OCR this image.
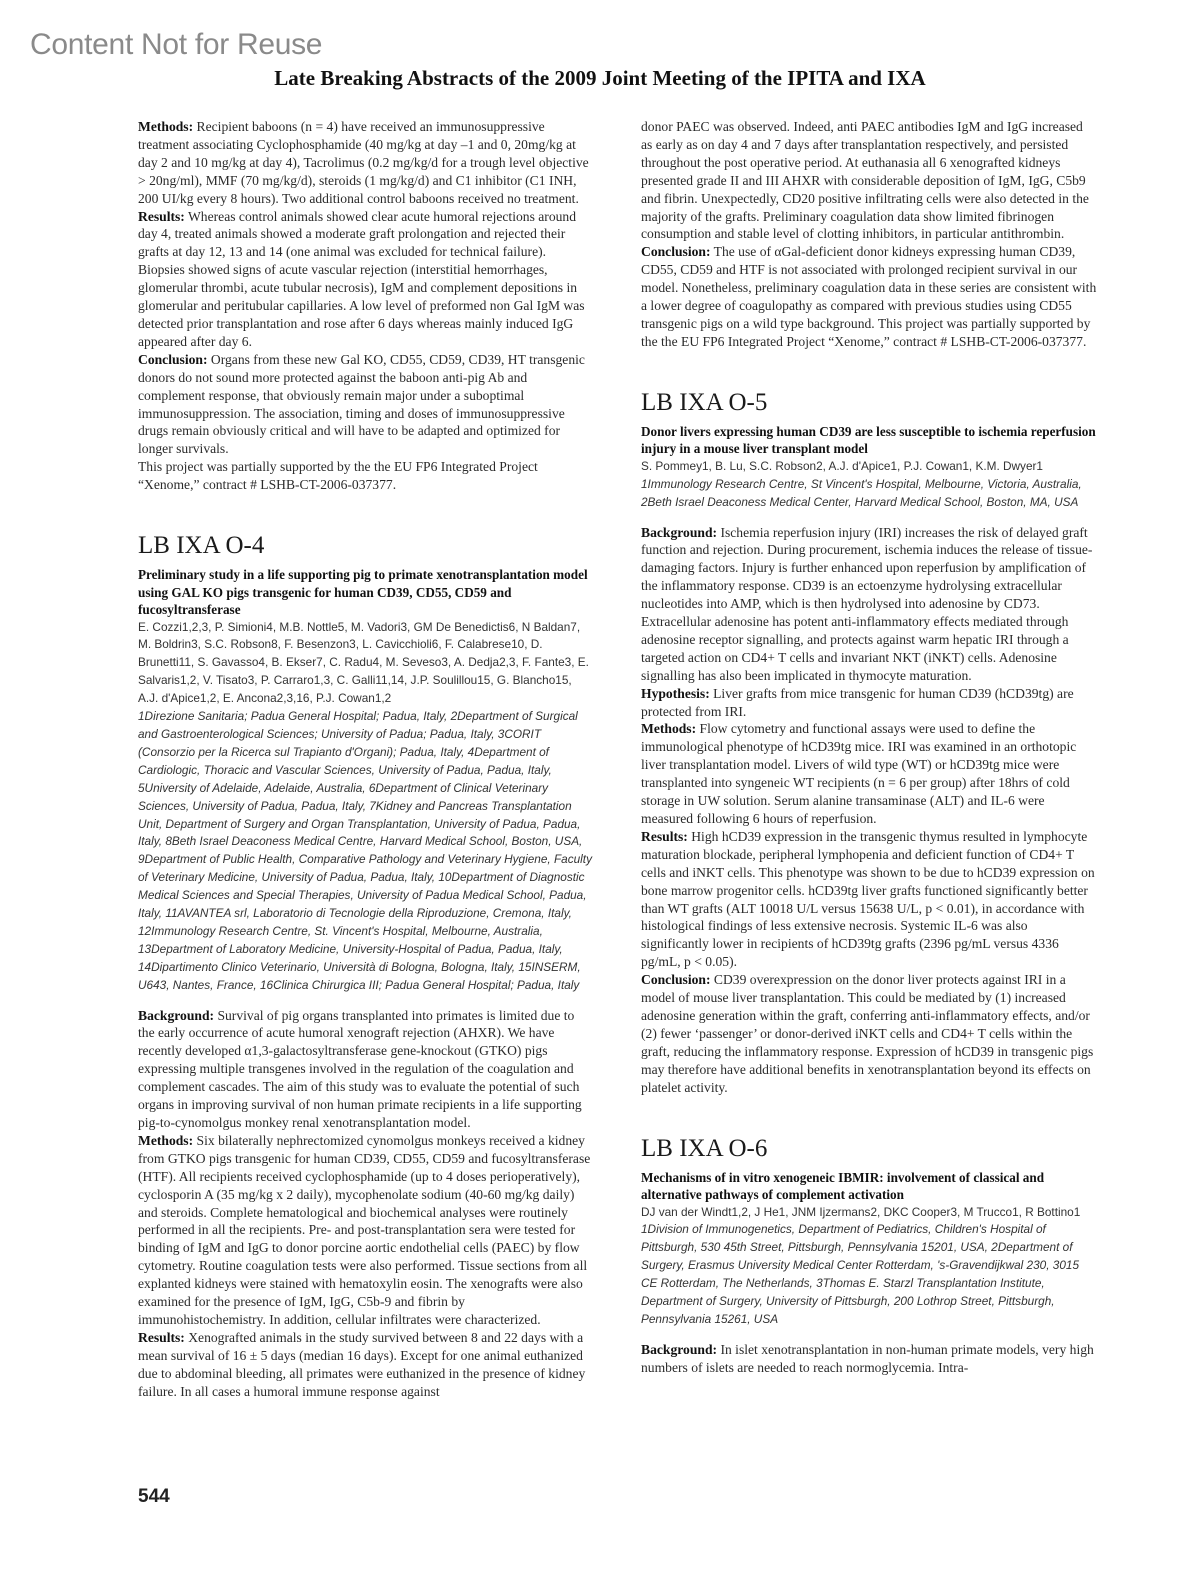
Content Not for Reuse
Late Breaking Abstracts of the 2009 Joint Meeting of the IPITA and IXA

Methods: Recipient baboons (n = 4) have received an immunosuppressive treatment associating Cyclophosphamide (40 mg/kg at day –1 and 0, 20mg/kg at day 2 and 10 mg/kg at day 4), Tacrolimus (0.2 mg/kg/d for a trough level objective > 20ng/ml), MMF (70 mg/kg/d), steroids (1 mg/kg/d) and C1 inhibitor (C1 INH, 200 UI/kg every 8 hours). Two additional control baboons received no treatment.

Results: Whereas control animals showed clear acute humoral rejections around day 4, treated animals showed a moderate graft prolongation and rejected their grafts at day 12, 13 and 14 (one animal was excluded for technical failure). Biopsies showed signs of acute vascular rejection (interstitial hemorrhages, glomerular thrombi, acute tubular necrosis), IgM and complement depositions in glomerular and peritubular capillaries. A low level of preformed non Gal IgM was detected prior transplantation and rose after 6 days whereas mainly induced IgG appeared after day 6.

Conclusion: Organs from these new Gal KO, CD55, CD59, CD39, HT transgenic donors do not sound more protected against the baboon anti-pig Ab and complement response, that obviously remain major under a suboptimal immunosuppression. The association, timing and doses of immunosuppressive drugs remain obviously critical and will have to be adapted and optimized for longer survivals.

This project was partially supported by the the EU FP6 Integrated Project “Xenome,” contract # LSHB-CT-2006-037377.

LB IXA O-4

Preliminary study in a life supporting pig to primate xenotransplantation model using GAL KO pigs transgenic for human CD39, CD55, CD59 and fucosyltransferase

E. Cozzi1,2,3, P. Simioni4, M.B. Nottle5, M. Vadori3, GM De Benedictis6, N Baldan7, M. Boldrin3, S.C. Robson8, F. Besenzon3, L. Cavicchioli6, F. Calabrese10, D. Brunetti11, S. Gavasso4, B. Ekser7, C. Radu4, M. Seveso3, A. Dedja2,3, F. Fante3, E. Salvaris1,2, V. Tisato3, P. Carraro1,3, C. Galli11,14, J.P. Soulillou15, G. Blancho15, A.J. d'Apice1,2, E. Ancona2,3,16, P.J. Cowan1,2

1Direzione Sanitaria; Padua General Hospital; Padua, Italy, 2Department of Surgical and Gastroenterological Sciences; University of Padua; Padua, Italy, 3CORIT (Consorzio per la Ricerca sul Trapianto d'Organi); Padua, Italy, 4Department of Cardiologic, Thoracic and Vascular Sciences, University of Padua, Padua, Italy, 5University of Adelaide, Adelaide, Australia, 6Department of Clinical Veterinary Sciences, University of Padua, Padua, Italy, 7Kidney and Pancreas Transplantation Unit, Department of Surgery and Organ Transplantation, University of Padua, Padua, Italy, 8Beth Israel Deaconess Medical Centre, Harvard Medical School, Boston, USA, 9Department of Public Health, Comparative Pathology and Veterinary Hygiene, Faculty of Veterinary Medicine, University of Padua, Padua, Italy, 10Department of Diagnostic Medical Sciences and Special Therapies, University of Padua Medical School, Padua, Italy, 11AVANTEA srl, Laboratorio di Tecnologie della Riproduzione, Cremona, Italy, 12Immunology Research Centre, St. Vincent's Hospital, Melbourne, Australia, 13Department of Laboratory Medicine, University-Hospital of Padua, Padua, Italy, 14Dipartimento Clinico Veterinario, Università di Bologna, Bologna, Italy, 15INSERM, U643, Nantes, France, 16Clinica Chirurgica III; Padua General Hospital; Padua, Italy

Background: Survival of pig organs transplanted into primates is limited due to the early occurrence of acute humoral xenograft rejection (AHXR). We have recently developed α1,3-galactosyltransferase gene-knockout (GTKO) pigs expressing multiple transgenes involved in the regulation of the coagulation and complement cascades. The aim of this study was to evaluate the potential of such organs in improving survival of non human primate recipients in a life supporting pig-to-cynomolgus monkey renal xenotransplantation model.

Methods: Six bilaterally nephrectomized cynomolgus monkeys received a kidney from GTKO pigs transgenic for human CD39, CD55, CD59 and fucosyltransferase (HTF). All recipients received cyclophosphamide (up to 4 doses perioperatively), cyclosporin A (35 mg/kg x 2 daily), mycophenolate sodium (40-60 mg/kg daily) and steroids. Complete hematological and biochemical analyses were routinely performed in all the recipients. Pre- and post-transplantation sera were tested for binding of IgM and IgG to donor porcine aortic endothelial cells (PAEC) by flow cytometry. Routine coagulation tests were also performed. Tissue sections from all explanted kidneys were stained with hematoxylin eosin. The xenografts were also examined for the presence of IgM, IgG, C5b-9 and fibrin by immunohistochemistry. In addition, cellular infiltrates were characterized.

Results: Xenografted animals in the study survived between 8 and 22 days with a mean survival of 16 ± 5 days (median 16 days). Except for one animal euthanized due to abdominal bleeding, all primates were euthanized in the presence of kidney failure. In all cases a humoral immune response against

donor PAEC was observed. Indeed, anti PAEC antibodies IgM and IgG increased as early as on day 4 and 7 days after transplantation respectively, and persisted throughout the post operative period. At euthanasia all 6 xenografted kidneys presented grade II and III AHXR with considerable deposition of IgM, IgG, C5b9 and fibrin. Unexpectedly, CD20 positive infiltrating cells were also detected in the majority of the grafts. Preliminary coagulation data show limited fibrinogen consumption and stable level of clotting inhibitors, in particular antithrombin.

Conclusion: The use of αGal-deficient donor kidneys expressing human CD39, CD55, CD59 and HTF is not associated with prolonged recipient survival in our model. Nonetheless, preliminary coagulation data in these series are consistent with a lower degree of coagulopathy as compared with previous studies using CD55 transgenic pigs on a wild type background. This project was partially supported by the the EU FP6 Integrated Project “Xenome,” contract # LSHB-CT-2006-037377.

LB IXA O-5

Donor livers expressing human CD39 are less susceptible to ischemia reperfusion injury in a mouse liver transplant model

S. Pommey1, B. Lu, S.C. Robson2, A.J. d'Apice1, P.J. Cowan1, K.M. Dwyer1

1Immunology Research Centre, St Vincent's Hospital, Melbourne, Victoria, Australia, 2Beth Israel Deaconess Medical Center, Harvard Medical School, Boston, MA, USA

Background: Ischemia reperfusion injury (IRI) increases the risk of delayed graft function and rejection. During procurement, ischemia induces the release of tissue-damaging factors. Injury is further enhanced upon reperfusion by amplification of the inflammatory response. CD39 is an ectoenzyme hydrolysing extracellular nucleotides into AMP, which is then hydrolysed into adenosine by CD73. Extracellular adenosine has potent anti-inflammatory effects mediated through adenosine receptor signalling, and protects against warm hepatic IRI through a targeted action on CD4+ T cells and invariant NKT (iNKT) cells. Adenosine signalling has also been implicated in thymocyte maturation.

Hypothesis: Liver grafts from mice transgenic for human CD39 (hCD39tg) are protected from IRI.

Methods: Flow cytometry and functional assays were used to define the immunological phenotype of hCD39tg mice. IRI was examined in an orthotopic liver transplantation model. Livers of wild type (WT) or hCD39tg mice were transplanted into syngeneic WT recipients (n = 6 per group) after 18hrs of cold storage in UW solution. Serum alanine transaminase (ALT) and IL-6 were measured following 6 hours of reperfusion.

Results: High hCD39 expression in the transgenic thymus resulted in lymphocyte maturation blockade, peripheral lymphopenia and deficient function of CD4+ T cells and iNKT cells. This phenotype was shown to be due to hCD39 expression on bone marrow progenitor cells. hCD39tg liver grafts functioned significantly better than WT grafts (ALT 10018 U/L versus 15638 U/L, p < 0.01), in accordance with histological findings of less extensive necrosis. Systemic IL-6 was also significantly lower in recipients of hCD39tg grafts (2396 pg/mL versus 4336 pg/mL, p < 0.05).

Conclusion: CD39 overexpression on the donor liver protects against IRI in a model of mouse liver transplantation. This could be mediated by (1) increased adenosine generation within the graft, conferring anti-inflammatory effects, and/or (2) fewer ‘passenger’ or donor-derived iNKT cells and CD4+ T cells within the graft, reducing the inflammatory response. Expression of hCD39 in transgenic pigs may therefore have additional benefits in xenotransplantation beyond its effects on platelet activity.

LB IXA O-6

Mechanisms of in vitro xenogeneic IBMIR: involvement of classical and alternative pathways of complement activation

DJ van der Windt1,2, J He1, JNM Ijzermans2, DKC Cooper3, M Trucco1, R Bottino1

1Division of Immunogenetics, Department of Pediatrics, Children's Hospital of Pittsburgh, 530 45th Street, Pittsburgh, Pennsylvania 15201, USA, 2Department of Surgery, Erasmus University Medical Center Rotterdam, 's-Gravendijkwal 230, 3015 CE Rotterdam, The Netherlands, 3Thomas E. Starzl Transplantation Institute, Department of Surgery, University of Pittsburgh, 200 Lothrop Street, Pittsburgh, Pennsylvania 15261, USA

Background: In islet xenotransplantation in non-human primate models, very high numbers of islets are needed to reach normoglycemia. Intra-

544
